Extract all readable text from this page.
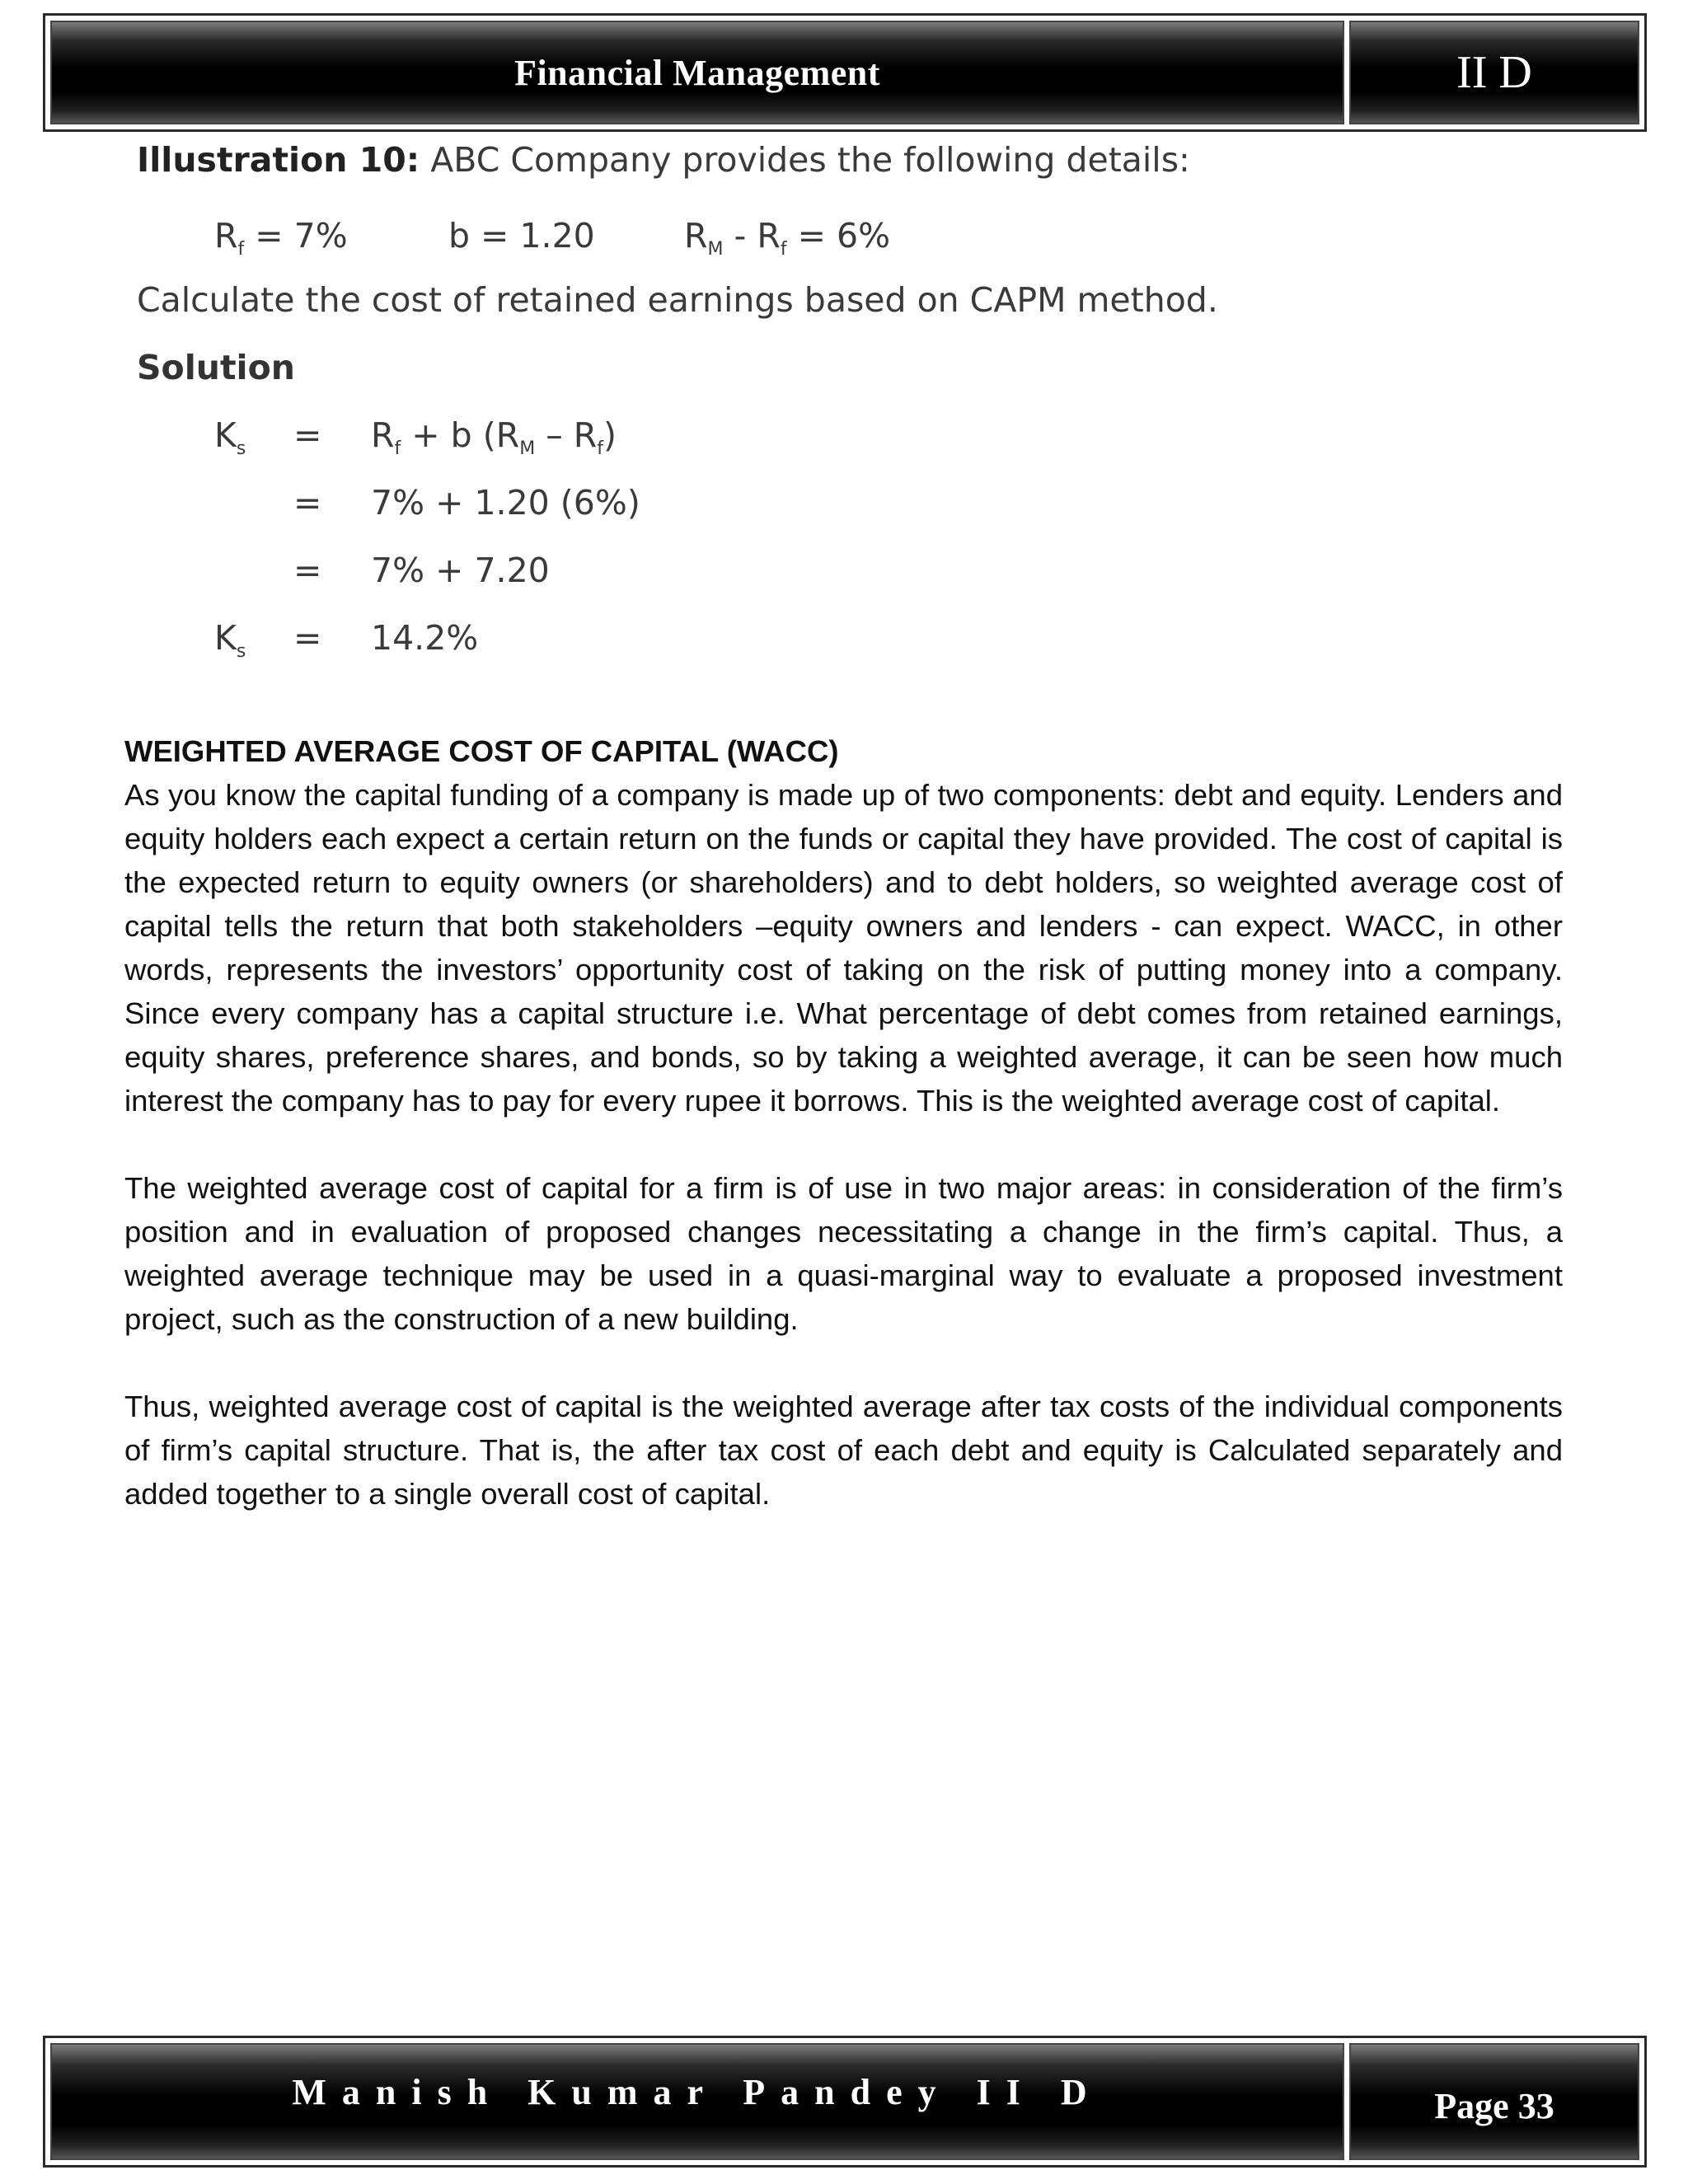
Financial Management	II D
Illustration 10: ABC Company provides the following details:
$R_f = 7\%$	b = 1.20	$R_M - R_f = 6\%$
Calculate the cost of retained earnings based on CAPM method.
Solution
$K_s = R_f + b$ $(R_M - R_f)$
= 7% + 1.20 (6%)
= 7% + 7.20
$K_s = 14.2\%$
WEIGHTED AVERAGE COST OF CAPITAL (WACC)

As you know the capital funding of a company is made up of two components: debt and equity. Lenders and equity holders each expect a certain return on the funds or capital they have provided. The cost of capital is the expected return to equity owners (or shareholders) and to debt holders, so weighted average cost of capital tells the return that both stakeholders –equity owners and lenders - can expect. WACC, in other words, represents the investors’ opportunity cost of taking on the risk of putting money into a company. Since every company has a capital structure i.e. What percentage of debt comes from retained earnings, equity shares, preference shares, and bonds, so by taking a weighted average, it can be seen how much interest the company has to pay for every rupee it borrows. This is the weighted average cost of capital.

The weighted average cost of capital for a firm is of use in two major areas: in consideration of the firm’s position and in evaluation of proposed changes necessitating a change in the firm’s capital. Thus, a weighted average technique may be used in a quasi-marginal way to evaluate a proposed investment project, such as the construction of a new building.

Thus, weighted average cost of capital is the weighted average after tax costs of the individual components of firm’s capital structure. That is, the after tax cost of each debt and equity is Calculated separately and added together to a single overall cost of capital.

Manish Kumar Pandey II D	Page 33
